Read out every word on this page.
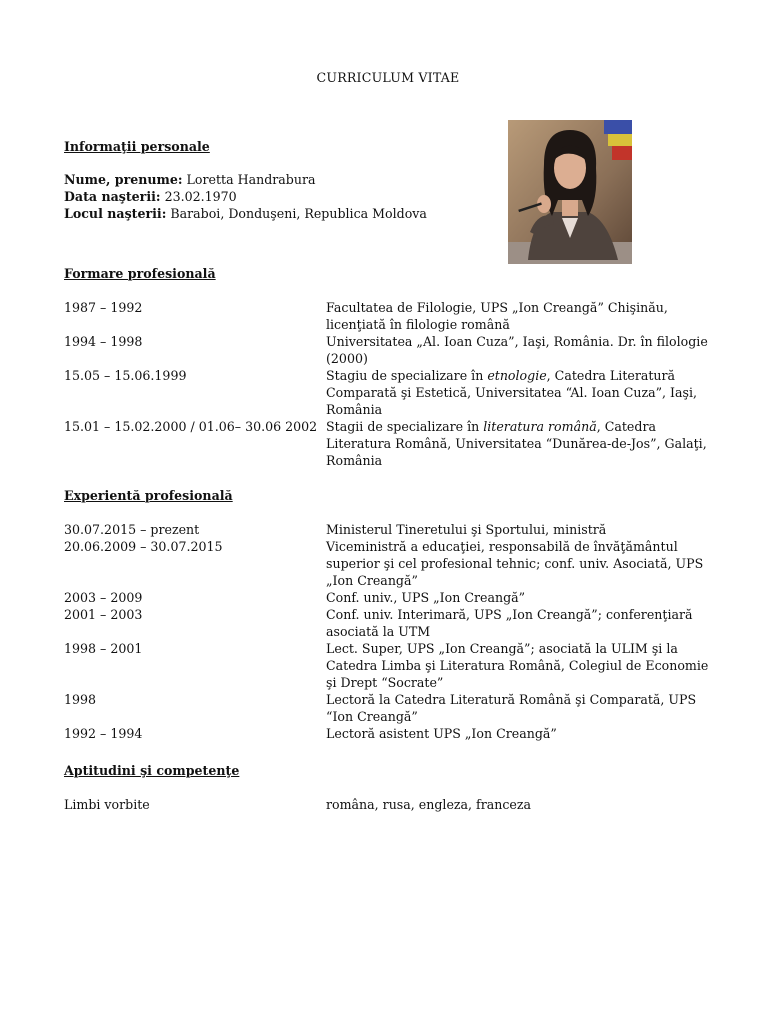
CURRICULUM VITAE
Informaţii personale
Nume, prenume: Loretta Handrabura
Data naşterii: 23.02.1970
Locul naşterii: Baraboi, Donduşeni, Republica Moldova
Formare profesională
1987 – 1992	Facultatea de Filologie, UPS „Ion Creangă” Chişinău, licenţiată în filologie română
1994 – 1998	Universitatea „Al. Ioan Cuza”, Iaşi, România. Dr. în filologie (2000)
15.05 – 15.06.1999	Stagiu de specializare în etnologie, Catedra Literatură Comparată şi Estetică, Universitatea “Al. Ioan Cuza”, Iaşi, România
15.01 – 15.02.2000 / 01.06– 30.06 2002 Stagii de specializare în literatura română, Catedra Literatura Română, Universitatea “Dunărea-de-Jos”, Galaţi, România
Experientă profesională
30.07.2015 – prezent	Ministerul Tineretului şi Sportului, ministră
20.06.2009 – 30.07.2015	Viceministră a educaţiei, responsabilă de învăţământul superior şi cel profesional tehnic; conf. univ. Asociată, UPS „Ion Creangă”
2003 – 2009	Conf. univ., UPS „Ion Creangă”
2001 – 2003	Conf. univ. Interimară, UPS „Ion Creangă”; conferenţiară asociată la UTM
1998 – 2001	Lect. Super, UPS „Ion Creangă”; asociată la ULIM şi la Catedra Limba şi Literatura Română, Colegiul de Economie şi Drept “Socrate”
1998	Lectoră la Catedra Literatură Română şi Comparată, UPS “Ion Creangă”
1992 – 1994	Lectoră asistent UPS „Ion Creangă”
Aptitudini şi competenţe
Limbi vorbite	româna, rusa, engleza, franceza
